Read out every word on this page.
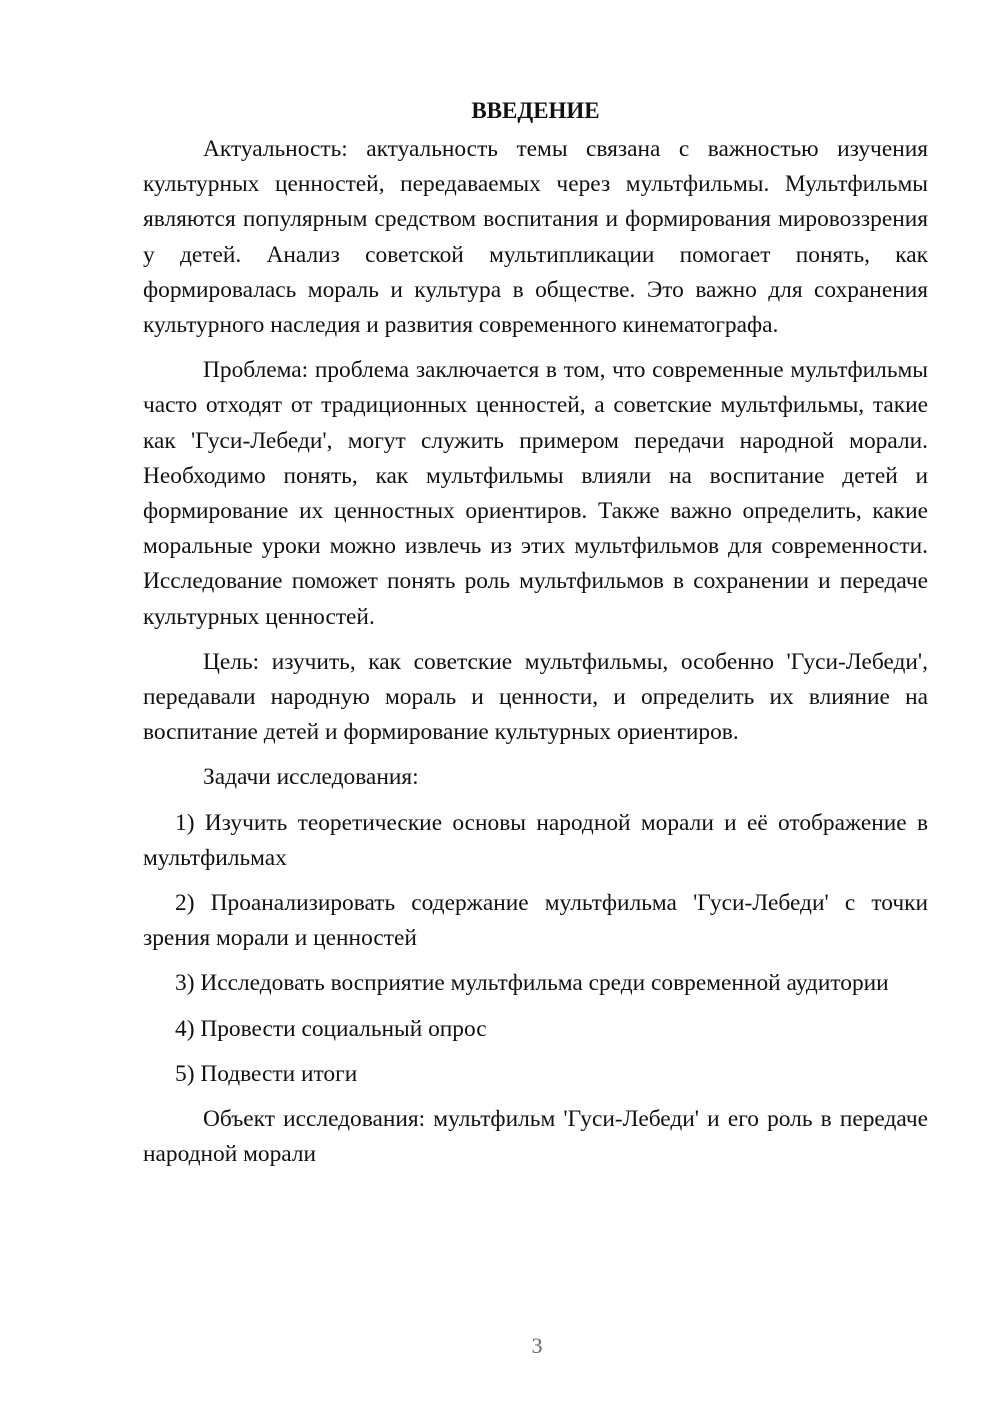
ВВЕДЕНИЕ

Актуальность: актуальность темы связана с важностью изучения культурных ценностей, передаваемых через мультфильмы. Мультфильмы являются популярным средством воспитания и формирования мировоззрения у детей. Анализ советской мультипликации помогает понять, как формировалась мораль и культура в обществе. Это важно для сохранения культурного наследия и развития современного кинематографа.

Проблема: проблема заключается в том, что современные мультфильмы часто отходят от традиционных ценностей, а советские мультфильмы, такие как 'Гуси-Лебеди', могут служить примером передачи народной морали. Необходимо понять, как мультфильмы влияли на воспитание детей и формирование их ценностных ориентиров. Также важно определить, какие моральные уроки можно извлечь из этих мультфильмов для современности. Исследование поможет понять роль мультфильмов в сохранении и передаче культурных ценностей.

Цель: изучить, как советские мультфильмы, особенно 'Гуси-Лебеди', передавали народную мораль и ценности, и определить их влияние на воспитание детей и формирование культурных ориентиров.

Задачи исследования:

1) Изучить теоретические основы народной морали и её отображение в мультфильмах

2) Проанализировать содержание мультфильма 'Гуси-Лебеди' с точки зрения морали и ценностей

3) Исследовать восприятие мультфильма среди современной аудитории

4) Провести социальный опрос

5) Подвести итоги

Объект исследования: мультфильм 'Гуси-Лебеди' и его роль в передаче народной морали

3
